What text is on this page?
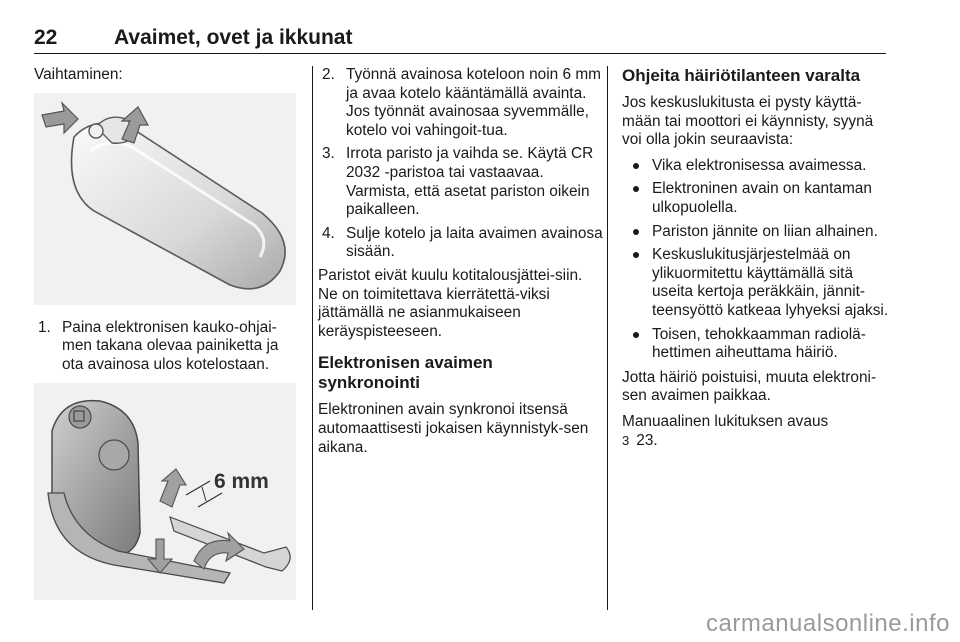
22	Avaimet, ovet ja ikkunat

Vaihtaminen:

1. Paina elektronisen kauko-ohjai-men takana olevaa painiketta ja ota avainosa ulos kotelostaan.
6 mm
2. Työnnä avainosa koteloon noin 6 mm ja avaa kotelo kääntämällä avainta. Jos työnnät avainosaa syvemmälle, kotelo voi vahingoit-tua.
3. Irrota paristo ja vaihda se. Käytä CR 2032 -paristoa tai vastaavaa. Varmista, että asetat pariston oikein paikalleen.
4. Sulje kotelo ja laita avaimen avainosa sisään.

Paristot eivät kuulu kotitalousjättei-siin. Ne on toimitettava kierrätettä-viksi jättämällä ne asianmukaiseen keräyspisteeseen.

Elektronisen avaimen
synkronointi

Elektroninen avain synkronoi itsensä automaattisesti jokaisen käynnistyk-sen aikana.

Ohjeita häiriötilanteen varalta

Jos keskuslukitusta ei pysty käyttä-mään tai moottori ei käynnisty, syynä voi olla jokin seuraavista:

Vika elektronisessa avaimessa.
Elektroninen avain on kantaman ulkopuolella.
Pariston jännite on liian alhainen.
Keskuslukitusjärjestelmää on ylikuormitettu käyttämällä sitä useita kertoja peräkkäin, jännit-teensyöttö katkeaa lyhyeksi ajaksi.
Toisen, tehokkaamman radiolä-hettimen aiheuttama häiriö.

Jotta häiriö poistuisi, muuta elektroni-sen avaimen paikkaa.

Manuaalinen lukituksen avaus
3 23.

carmanualsonline.info
